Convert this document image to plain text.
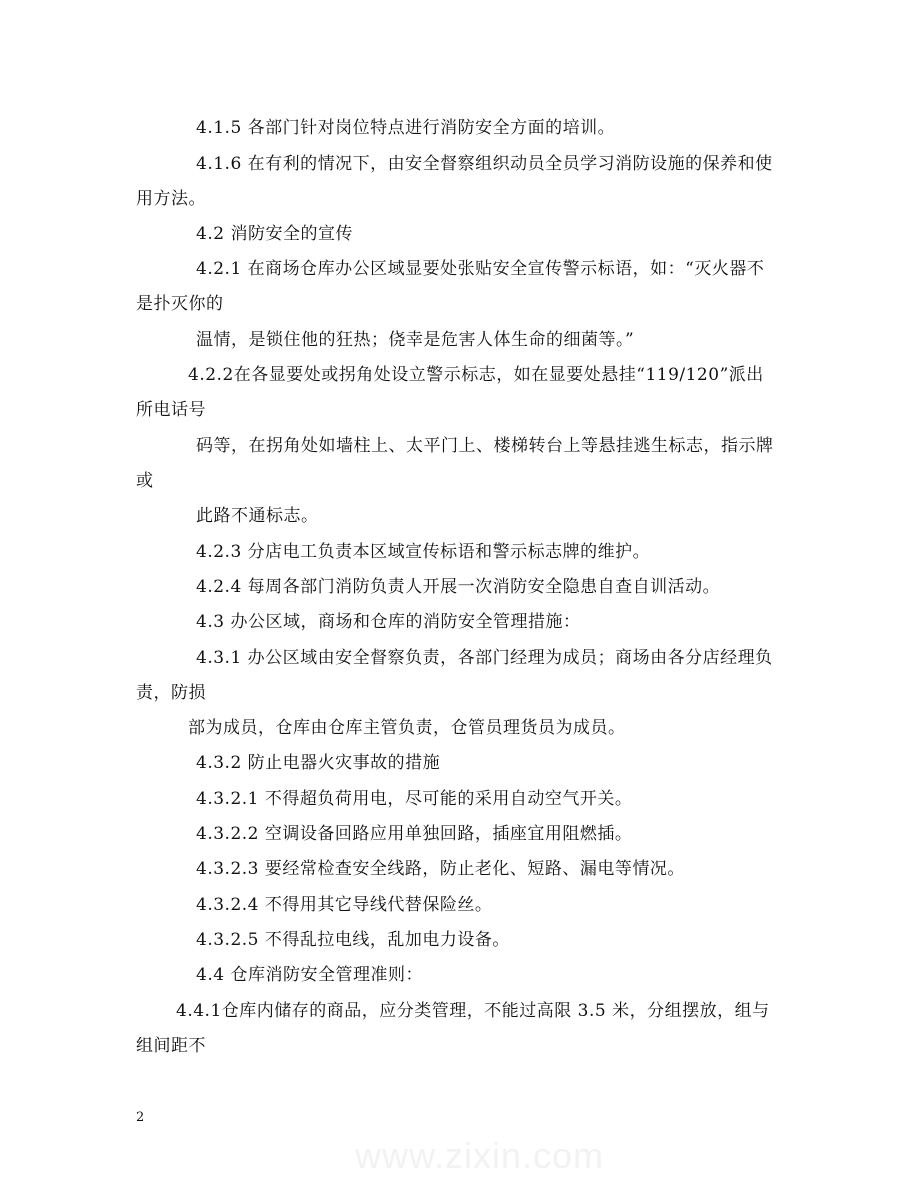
4.1.5 各部门针对岗位特点进行消防安全方面的培训。
4.1.6 在有利的情况下，由安全督察组织动员全员学习消防设施的保养和使
用方法。
4.2 消防安全的宣传
4.2.1 在商场仓库办公区域显要处张贴安全宣传警示标语，如：“灭火器不
是扑灭你的
温情，是锁住他的狂热；侥幸是危害人体生命的细菌等。”
4.2.2在各显要处或拐角处设立警示标志，如在显要处悬挂“119/120”派出
所电话号
码等，在拐角处如墙柱上、太平门上、楼梯转台上等悬挂逃生标志，指示牌
或
此路不通标志。
4.2.3 分店电工负责本区域宣传标语和警示标志牌的维护。
4.2.4 每周各部门消防负责人开展一次消防安全隐患自查自训活动。
4.3 办公区域，商场和仓库的消防安全管理措施：
4.3.1 办公区域由安全督察负责，各部门经理为成员；商场由各分店经理负
责，防损
部为成员，仓库由仓库主管负责，仓管员理货员为成员。
4.3.2 防止电器火灾事故的措施
4.3.2.1 不得超负荷用电，尽可能的采用自动空气开关。
4.3.2.2 空调设备回路应用单独回路，插座宜用阻燃插。
4.3.2.3 要经常检查安全线路，防止老化、短路、漏电等情况。
4.3.2.4 不得用其它导线代替保险丝。
4.3.2.5 不得乱拉电线，乱加电力设备。
4.4 仓库消防安全管理准则：
4.4.1仓库内储存的商品，应分类管理，不能过高限 3.5 米，分组摆放，组与
组间距不
2
www.zixin.com
